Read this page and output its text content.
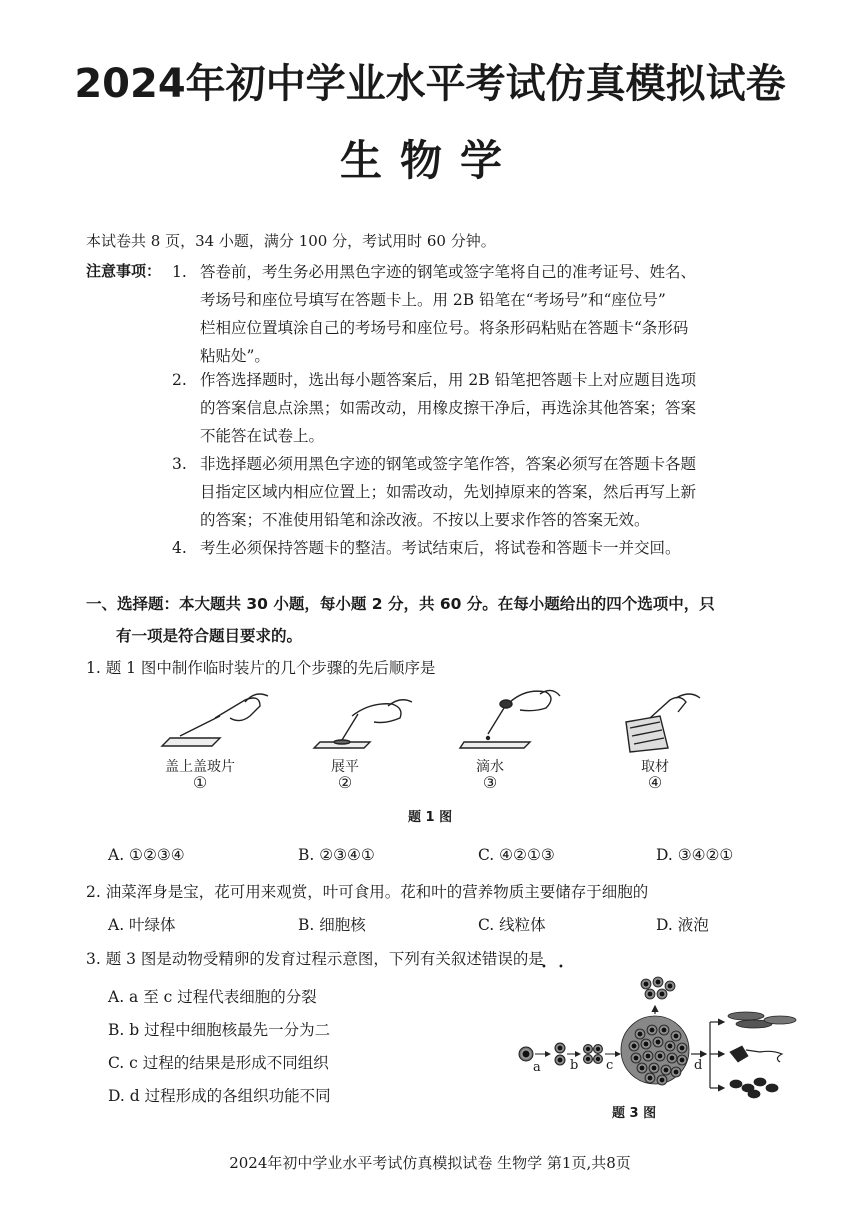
2024年初中学业水平考试仿真模拟试卷
生物学
本试卷共 8 页，34 小题，满分 100 分，考试用时 60 分钟。
注意事项： 1. 答卷前，考生务必用黑色字迹的钢笔或签字笔将自己的准考证号、姓名、
考场号和座位号填写在答题卡上。用 2B 铅笔在“考场号”和“座位号”
栏相应位置填涂自己的考场号和座位号。将条形码粘贴在答题卡“条形码
粘贴处”。
2. 作答选择题时，选出每小题答案后，用 2B 铅笔把答题卡上对应题目选项
的答案信息点涂黑；如需改动，用橡皮擦干净后，再选涂其他答案；答案
不能答在试卷上。
3. 非选择题必须用黑色字迹的钢笔或签字笔作答，答案必须写在答题卡各题
目指定区域内相应位置上；如需改动，先划掉原来的答案，然后再写上新
的答案；不准使用铅笔和涂改液。不按以上要求作答的答案无效。
4. 考生必须保持答题卡的整洁。考试结束后，将试卷和答题卡一并交回。
一、选择题：本大题共 30 小题，每小题 2 分，共 60 分。在每小题给出的四个选项中，只
有一项是符合题目要求的。
1. 题 1 图中制作临时装片的几个步骤的先后顺序是
盖上盖玻片
①
展平
②
滴水
③
取材
④
题 1 图
A. ①②③④	B. ②③④①	C. ④②①③	D. ③④②①
2. 油菜浑身是宝，花可用来观赏，叶可食用。花和叶的营养物质主要储存于细胞的
A. 叶绿体	B. 细胞核	C. 线粒体	D. 液泡
3. 题 3 图是动物受精卵的发育过程示意图，下列有关叙述错误的是
• •
A. a 至 c 过程代表细胞的分裂
B. b 过程中细胞核最先一分为二
C. c 过程的结果是形成不同组织
D. d 过程形成的各组织功能不同
a b c	d
题 3 图
2024年初中学业水平考试仿真模拟试卷 生物学 第1页,共8页
